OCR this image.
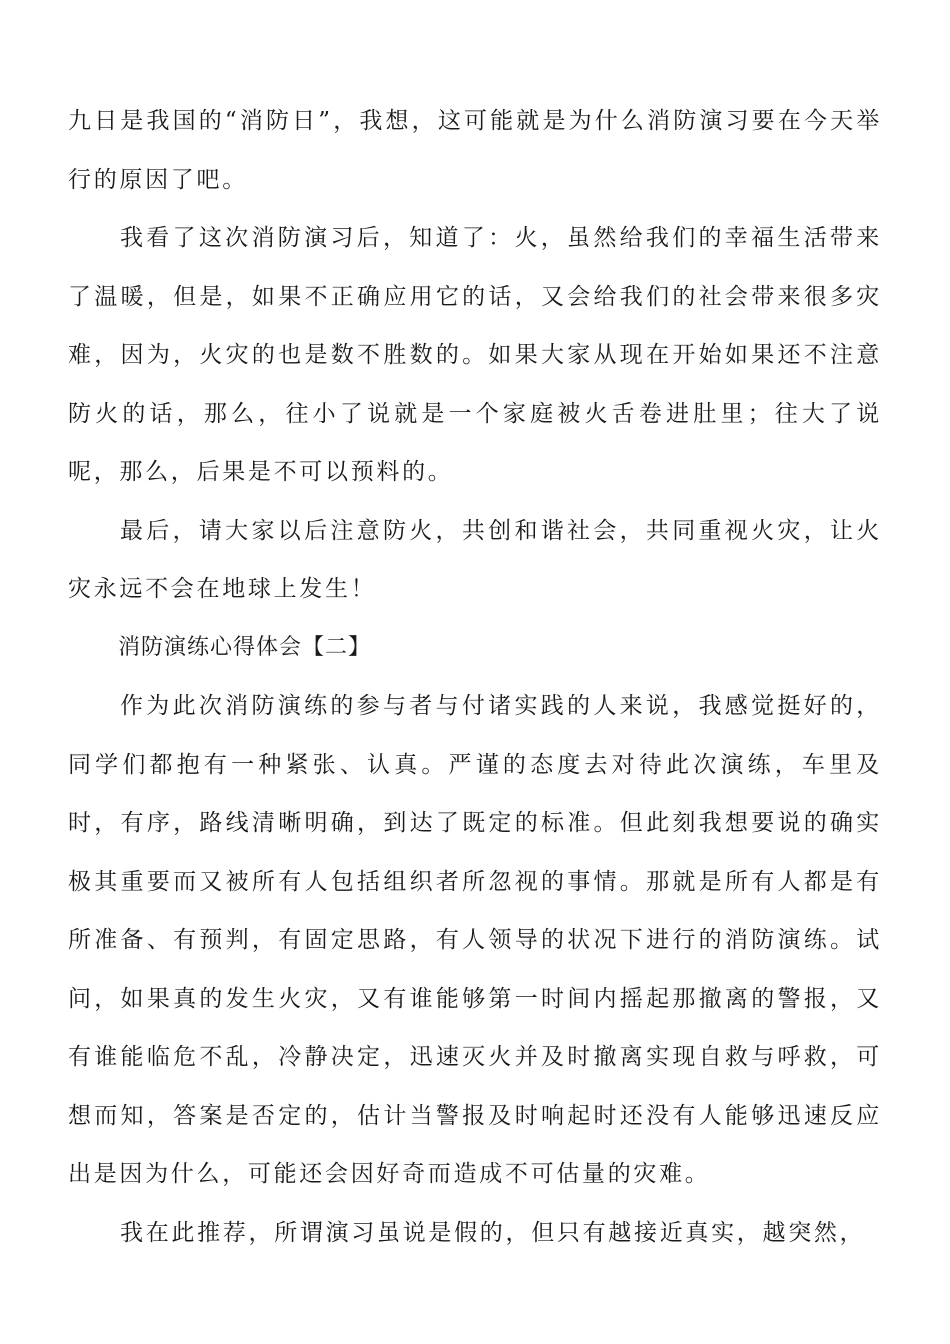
九日是我国的“消防日”，我想，这可能就是为什么消防演习要在今天举行的原因了吧。

我看了这次消防演习后，知道了：火，虽然给我们的幸福生活带来了温暖，但是，如果不正确应用它的话，又会给我们的社会带来很多灾难，因为，火灾的也是数不胜数的。如果大家从现在开始如果还不注意防火的话，那么，往小了说就是一个家庭被火舌卷进肚里；往大了说呢，那么，后果是不可以预料的。

最后，请大家以后注意防火，共创和谐社会，共同重视火灾，让火灾永远不会在地球上发生！

消防演练心得体会【二】

作为此次消防演练的参与者与付诸实践的人来说，我感觉挺好的，同学们都抱有一种紧张、认真。严谨的态度去对待此次演练，车里及时，有序，路线清晰明确，到达了既定的标准。但此刻我想要说的确实极其重要而又被所有人包括组织者所忽视的事情。那就是所有人都是有所准备、有预判，有固定思路，有人领导的状况下进行的消防演练。试问，如果真的发生火灾，又有谁能够第一时间内摇起那撤离的警报，又有谁能临危不乱，冷静决定，迅速灭火并及时撤离实现自救与呼救，可想而知，答案是否定的，估计当警报及时响起时还没有人能够迅速反应出是因为什么，可能还会因好奇而造成不可估量的灾难。

我在此推荐，所谓演习虽说是假的，但只有越接近真实，越突然，
